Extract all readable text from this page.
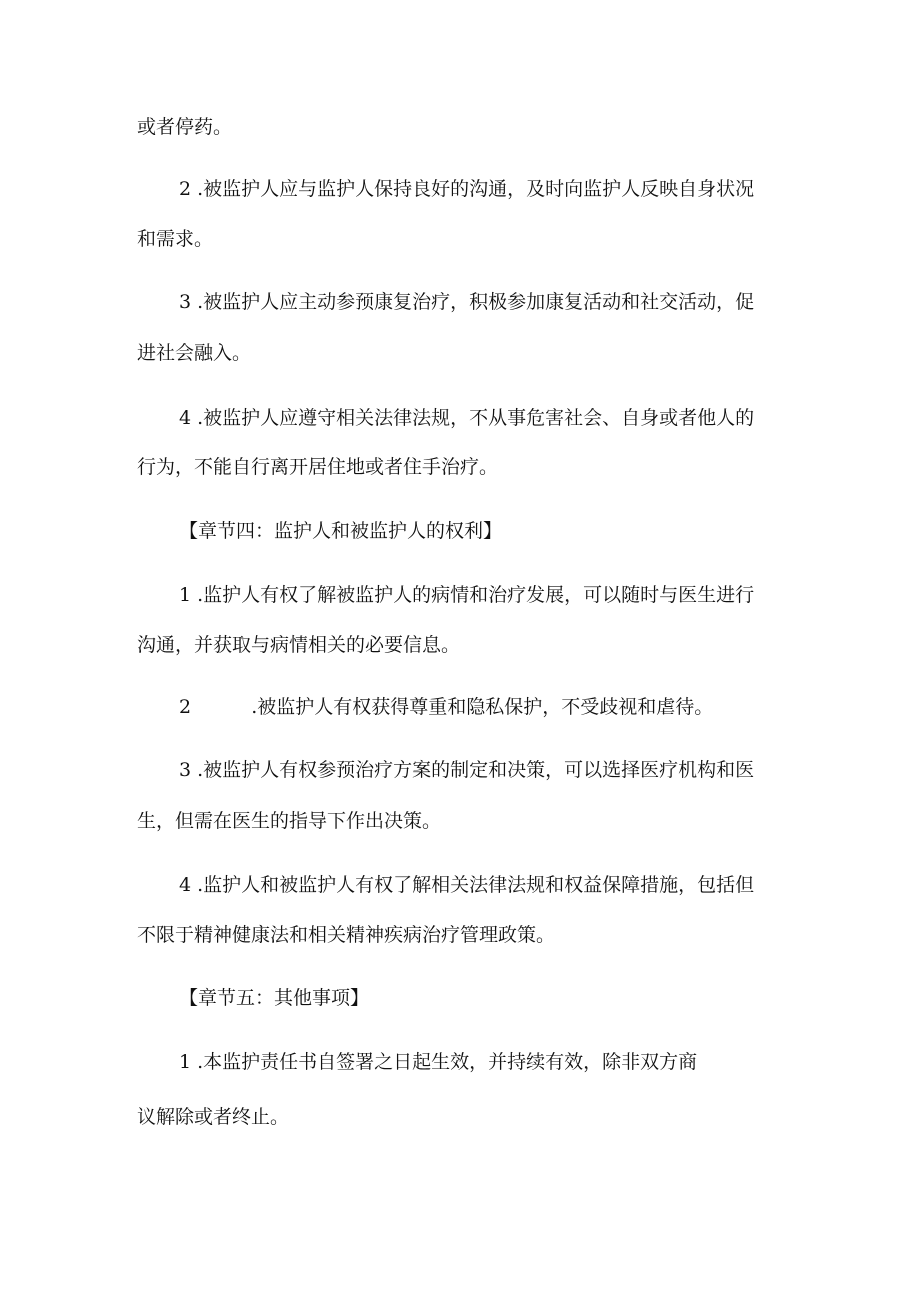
或者停药。

2 .被监护人应与监护人保持良好的沟通，及时向监护人反映自身状况

和需求。

3 .被监护人应主动参预康复治疗，积极参加康复活动和社交活动，促

进社会融入。

4 .被监护人应遵守相关法律法规，不从事危害社会、自身或者他人的

行为，不能自行离开居住地或者住手治疗。

【章节四：监护人和被监护人的权利】

1 .监护人有权了解被监护人的病情和治疗发展，可以随时与医生进行

沟通，并获取与病情相关的必要信息。

2	.被监护人有权获得尊重和隐私保护，不受歧视和虐待。
3 .被监护人有权参预治疗方案的制定和决策，可以选择医疗机构和医

生，但需在医生的指导下作出决策。

4 .监护人和被监护人有权了解相关法律法规和权益保障措施，包括但

不限于精神健康法和相关精神疾病治疗管理政策。

【章节五：其他事项】

1 .本监护责任书自签署之日起生效，并持续有效，除非双方商

议解除或者终止。
